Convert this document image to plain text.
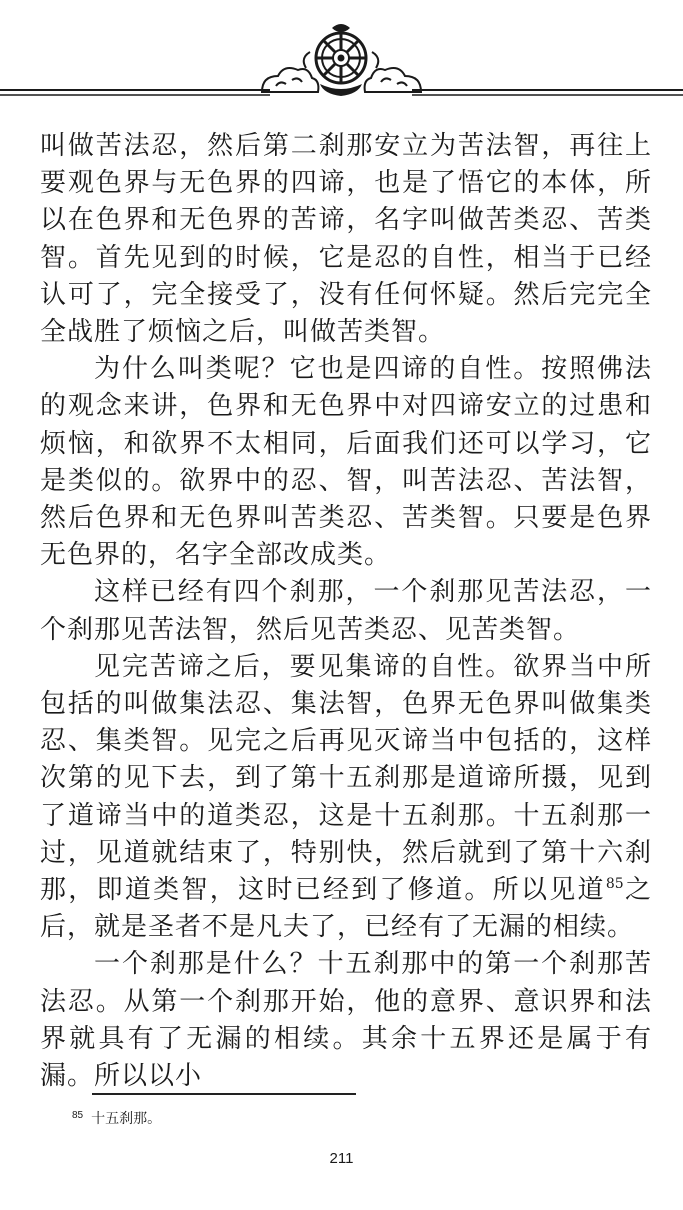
叫做苦法忍，然后第二刹那安立为苦法智，再往上要观色界与无色界的四谛，也是了悟它的本体，所以在色界和无色界的苦谛，名字叫做苦类忍、苦类智。首先见到的时候，它是忍的自性，相当于已经认可了，完全接受了，没有任何怀疑。然后完完全全战胜了烦恼之后，叫做苦类智。

为什么叫类呢？它也是四谛的自性。按照佛法的观念来讲，色界和无色界中对四谛安立的过患和烦恼，和欲界不太相同，后面我们还可以学习，它是类似的。欲界中的忍、智，叫苦法忍、苦法智，然后色界和无色界叫苦类忍、苦类智。只要是色界无色界的，名字全部改成类。

这样已经有四个刹那，一个刹那见苦法忍，一个刹那见苦法智，然后见苦类忍、见苦类智。

见完苦谛之后，要见集谛的自性。欲界当中所包括的叫做集法忍、集法智，色界无色界叫做集类忍、集类智。见完之后再见灭谛当中包括的，这样次第的见下去，到了第十五刹那是道谛所摄，见到了道谛当中的道类忍，这是十五刹那。十五刹那一过，见道就结束了，特别快，然后就到了第十六刹那，即道类智，这时已经到了修道。所以见道$^{85}$之后，就是圣者不是凡夫了，已经有了无漏的相续。

一个刹那是什么？十五刹那中的第一个刹那苦法忍。从第一个刹那开始，他的意界、意识界和法界就具有了无漏的相续。其余十五界还是属于有漏。所以以小

$^{85}$ 十五刹那。
211
